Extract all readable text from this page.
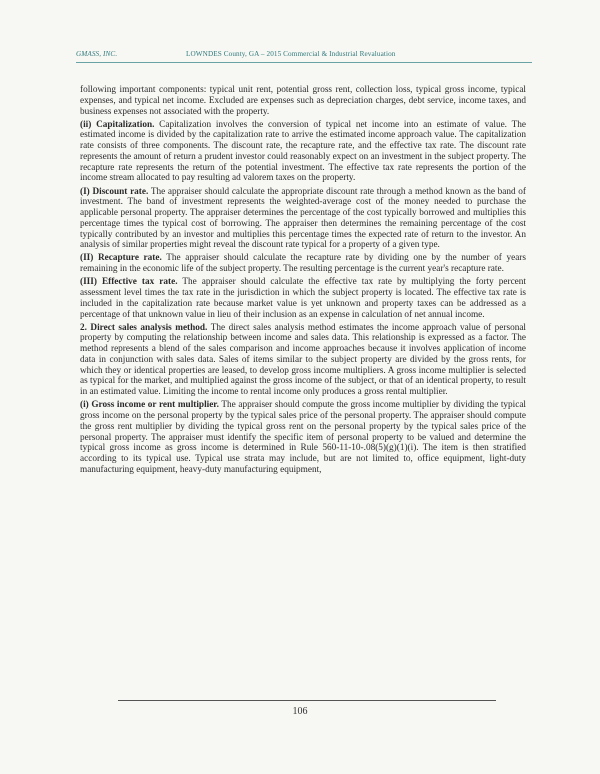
GMASS, INC.	LOWNDES County, GA – 2015 Commercial & Industrial Revaluation

following important components: typical unit rent, potential gross rent, collection loss, typical gross income, typical expenses, and typical net income. Excluded are expenses such as depreciation charges, debt service, income taxes, and business expenses not associated with the property.

(ii) Capitalization. Capitalization involves the conversion of typical net income into an estimate of value. The estimated income is divided by the capitalization rate to arrive the estimated income approach value. The capitalization rate consists of three components. The discount rate, the recapture rate, and the effective tax rate. The discount rate represents the amount of return a prudent investor could reasonably expect on an investment in the subject property. The recapture rate represents the return of the potential investment. The effective tax rate represents the portion of the income stream allocated to pay resulting ad valorem taxes on the property.

(I) Discount rate. The appraiser should calculate the appropriate discount rate through a method known as the band of investment. The band of investment represents the weighted-average cost of the money needed to purchase the applicable personal property. The appraiser determines the percentage of the cost typically borrowed and multiplies this percentage times the typical cost of borrowing. The appraiser then determines the remaining percentage of the cost typically contributed by an investor and multiplies this percentage times the expected rate of return to the investor. An analysis of similar properties might reveal the discount rate typical for a property of a given type.

(II) Recapture rate. The appraiser should calculate the recapture rate by dividing one by the number of years remaining in the economic life of the subject property. The resulting percentage is the current year's recapture rate.

(III) Effective tax rate. The appraiser should calculate the effective tax rate by multiplying the forty percent assessment level times the tax rate in the jurisdiction in which the subject property is located. The effective tax rate is included in the capitalization rate because market value is yet unknown and property taxes can be addressed as a percentage of that unknown value in lieu of their inclusion as an expense in calculation of net annual income.

2. Direct sales analysis method. The direct sales analysis method estimates the income approach value of personal property by computing the relationship between income and sales data. This relationship is expressed as a factor. The method represents a blend of the sales comparison and income approaches because it involves application of income data in conjunction with sales data. Sales of items similar to the subject property are divided by the gross rents, for which they or identical properties are leased, to develop gross income multipliers. A gross income multiplier is selected as typical for the market, and multiplied against the gross income of the subject, or that of an identical property, to result in an estimated value. Limiting the income to rental income only produces a gross rental multiplier.

(i) Gross income or rent multiplier. The appraiser should compute the gross income multiplier by dividing the typical gross income on the personal property by the typical sales price of the personal property. The appraiser should compute the gross rent multiplier by dividing the typical gross rent on the personal property by the typical sales price of the personal property. The appraiser must identify the specific item of personal property to be valued and determine the typical gross income as gross income is determined in Rule 560-11-10-.08(5)(g)(1)(i). The item is then stratified according to its typical use. Typical use strata may include, but are not limited to, office equipment, light-duty manufacturing equipment, heavy-duty manufacturing equipment,

106
